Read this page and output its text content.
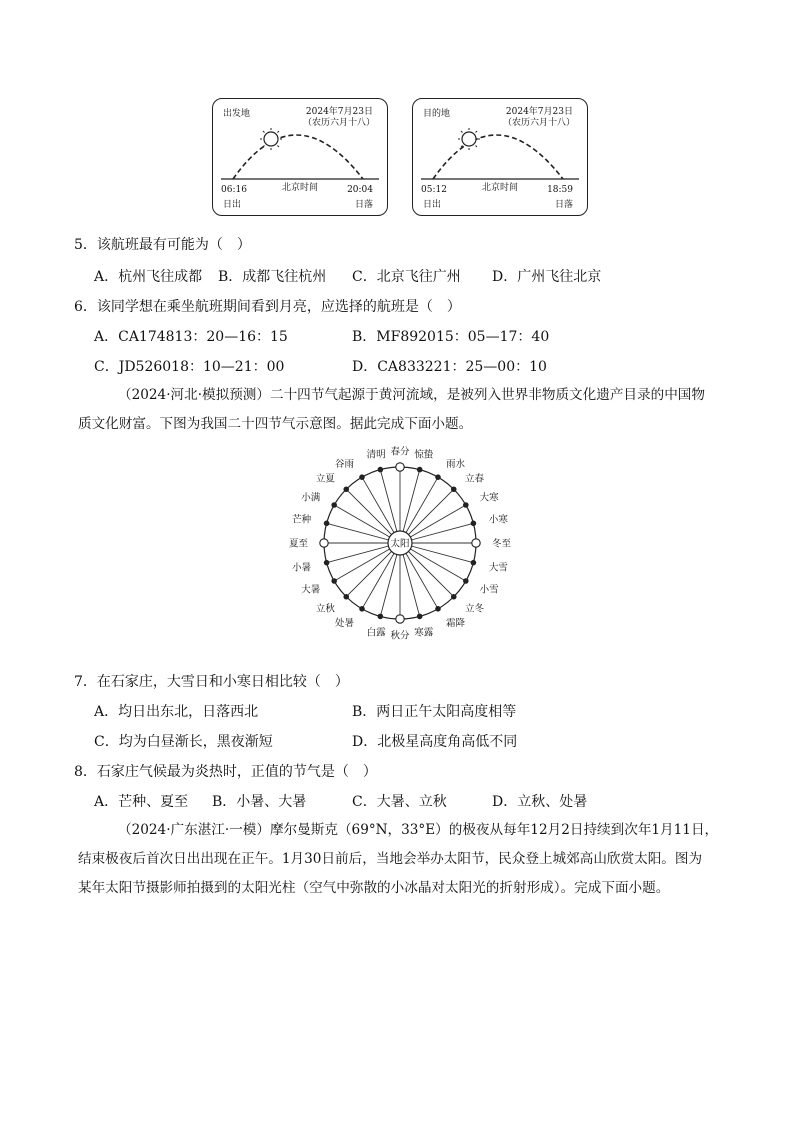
出发地	2024年7月23日
（农历六月十八）
06:16	北京时间	20:04
日出	日落
目的地	2024年7月23日
（农历六月十八）
05:12	北京时间	18:59
日出	日落
5．该航班最有可能为（　）
A．杭州飞往成都 B．成都飞往杭州 C．北京飞往广州 D．广州飞往北京
6．该同学想在乘坐航班期间看到月亮，应选择的航班是（　）
A．CA174813：20—16：15	B．MF892015：05—17：40
C．JD526018：10—21：00	D．CA833221：25—00：10

（2024·河北·模拟预测）二十四节气起源于黄河流域，是被列入世界非物质文化遗产目录的中国物

质文化财富。下图为我国二十四节气示意图。据此完成下面小题。

太阳
春分 惊蛰
雨水
立春
大寒
小寒
冬至
大雪
小雪
立冬
霜降
寒露
秋分
白露
处暑
立秋
大暑
小暑
夏至
芒种
小满
立夏
谷雨
清明
7．在石家庄，大雪日和小寒日相比较（　）
A．均日出东北，日落西北	B．两日正午太阳高度相等
C．均为白昼渐长，黑夜渐短	D．北极星高度角高低不同
8．石家庄气候最为炎热时，正值的节气是（　）
A．芒种、夏至 B．小暑、大暑	C．大暑、立秋	D．立秋、处暑

（2024·广东湛江·一模）摩尔曼斯克（69°N，33°E）的极夜从每年12月2日持续到次年1月11日，

结束极夜后首次日出出现在正午。1月30日前后，当地会举办太阳节，民众登上城郊高山欣赏太阳。图为

某年太阳节摄影师拍摄到的太阳光柱（空气中弥散的小冰晶对太阳光的折射形成）。完成下面小题。
